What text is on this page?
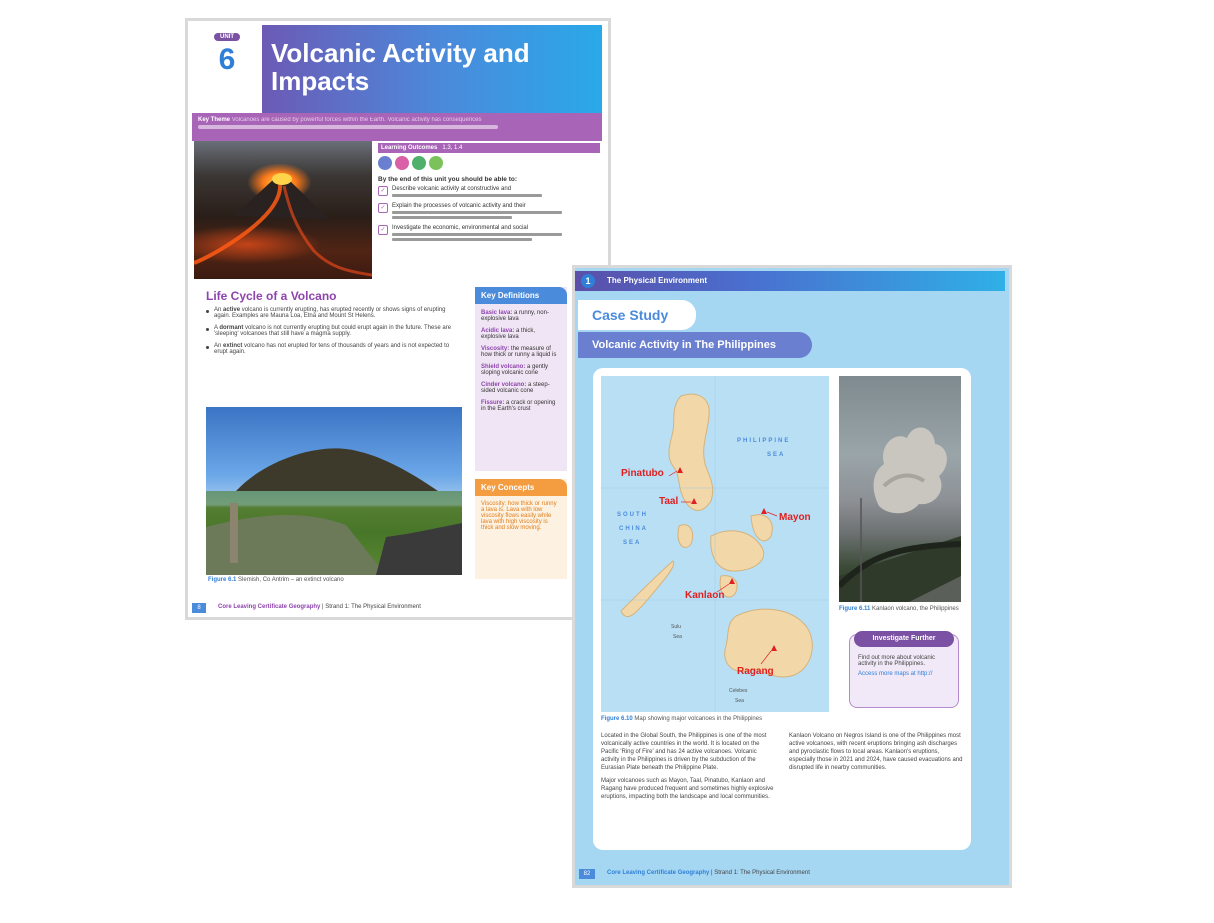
UNIT
6	Volcanic Activity and
Impacts
Key Theme Volcanoes are caused by powerful forces within the Earth. Volcanic activity has consequences

Learning Outcomes 1.3, 1.4
By the end of this unit you should be able to:
✓	Describe volcanic activity at constructive and
✓	Explain the processes of volcanic activity and their
✓	Investigate the economic, environmental and social
Life Cycle of a Volcano
An active volcano is currently erupting, has erupted recently or shows signs of erupting again. Examples are Mauna Loa, Etna and Mount St Helens.
A dormant volcano is not currently erupting but could erupt again in the future. These are 'sleeping' volcanoes that still have a magma supply.
An extinct volcano has not erupted for tens of thousands of years and is not expected to erupt again.
Figure 6.1 Slemish, Co Antrim – an extinct volcano
Key Definitions
Basic lava: a runny, non-explosive lava
Acidic lava: a thick, explosive lava
Viscosity: the measure of how thick or runny a liquid is
Shield volcano: a gently sloping volcanic cone
Cinder volcano: a steep-sided volcanic cone
Fissure: a crack or opening in the Earth's crust
Key Concepts
Viscosity: how thick or runny a lava is. Lava with low viscosity flows easily while lava with high viscosity is thick and slow moving.
8	Core Leaving Certificate Geography | Strand 1: The Physical Environment
1	The Physical Environment
Case Study
Volcanic Activity in The Philippines
PHILIPPINE
SEA
SOUTH
CHINA
SEA
Sulu
Sea
Celebes
Sea
Pinatubo
Taal
Mayon
Kanlaon
Ragang
Figure 6.10 Map showing major volcanoes in the Philippines
Figure 6.11 Kanlaon volcano, the Philippines
Investigate Further
Find out more about volcanic activity in the Philippines.
Access more maps at http://

Located in the Global South, the Philippines is one of the most volcanically active countries in the world. It is located on the Pacific 'Ring of Fire' and has 24 active volcanoes. Volcanic activity in the Philippines is driven by the subduction of the Eurasian Plate beneath the Philippine Plate.

Major volcanoes such as Mayon, Taal, Pinatubo, Kanlaon and Ragang have produced frequent and sometimes highly explosive eruptions, impacting both the landscape and local communities.

Kanlaon Volcano on Negros Island is one of the Philippines most active volcanoes, with recent eruptions bringing ash discharges and pyroclastic flows to local areas. Kanlaon's eruptions, especially those in 2021 and 2024, have caused evacuations and disrupted life in nearby communities.

82	Core Leaving Certificate Geography | Strand 1: The Physical Environment
